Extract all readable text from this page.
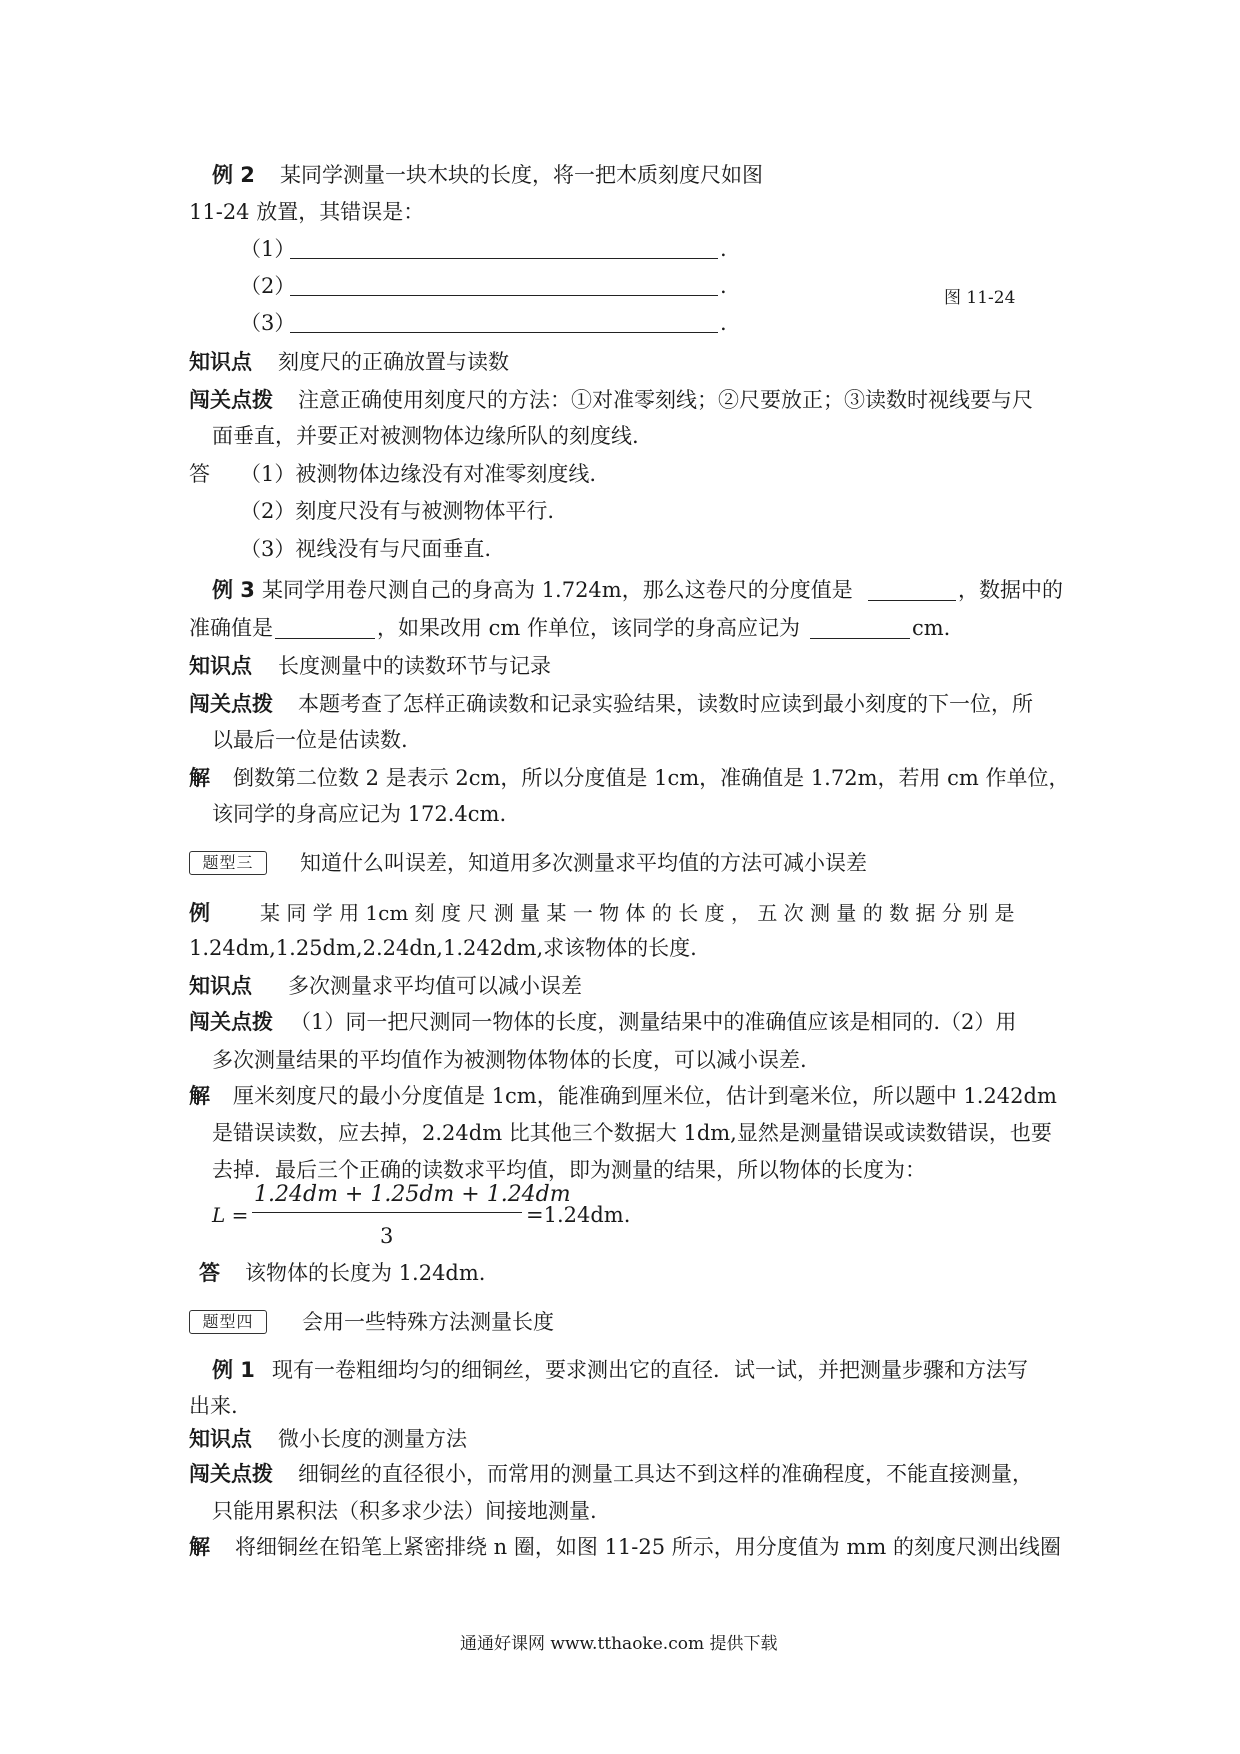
例 2 某同学测量一块木块的长度，将一把木质刻度尺如图
11-24 放置，其错误是：
（1）	.
（2）	.	图 11-24
（3）	.
知识点 刻度尺的正确放置与读数
闯关点拨 注意正确使用刻度尺的方法：①对准零刻线；②尺要放正；③读数时视线要与尺
面垂直，并要正对被测物体边缘所队的刻度线.
答 （1）被测物体边缘没有对准零刻度线.
（2）刻度尺没有与被测物体平行.
（3）视线没有与尺面垂直.
例 3 某同学用卷尺测自己的身高为 1.724m，那么这卷尺的分度值是	，数据中的
准确值是	，如果改用 cm 作单位，该同学的身高应记为	cm.
知识点 长度测量中的读数环节与记录
闯关点拨 本题考查了怎样正确读数和记录实验结果，读数时应读到最小刻度的下一位，所
以最后一位是估读数.
解 倒数第二位数 2 是表示 2cm，所以分度值是 1cm，准确值是 1.72m，若用 cm 作单位，
该同学的身高应记为 172.4cm.
题型三	知道什么叫误差，知道用多次测量求平均值的方法可减小误差
例	某 同 学 用 1cm 刻 度 尺 测 量 某 一 物 体 的 长 度 ， 五 次 测 量 的 数 据 分 别 是
1.24dm,1.25dm,2.24dn,1.242dm,求该物体的长度.
知识点 多次测量求平均值可以减小误差
闯关点拨 （1）同一把尺测同一物体的长度，测量结果中的准确值应该是相同的.（2）用
多次测量结果的平均值作为被测物体物体的长度，可以减小误差.
解 厘米刻度尺的最小分度值是 1cm，能准确到厘米位，估计到毫米位，所以题中 1.242dm
是错误读数，应去掉，2.24dm 比其他三个数据大 1dm,显然是测量错误或读数错误，也要
去掉．最后三个正确的读数求平均值，即为测量的结果，所以物体的长度为：
L =
1.24dm + 1.25dm + 1.24dm
3
=1.24dm.
答 该物体的长度为 1.24dm.
题型四	会用一些特殊方法测量长度
例 1 现有一卷粗细均匀的细铜丝，要求测出它的直径．试一试，并把测量步骤和方法写
出来.
知识点 微小长度的测量方法
闯关点拨 细铜丝的直径很小，而常用的测量工具达不到这样的准确程度，不能直接测量，
只能用累积法（积多求少法）间接地测量.
解 将细铜丝在铅笔上紧密排绕 n 圈，如图 11-25 所示，用分度值为 mm 的刻度尺测出线圈
通通好课网 www.tthaoke.com 提供下载
